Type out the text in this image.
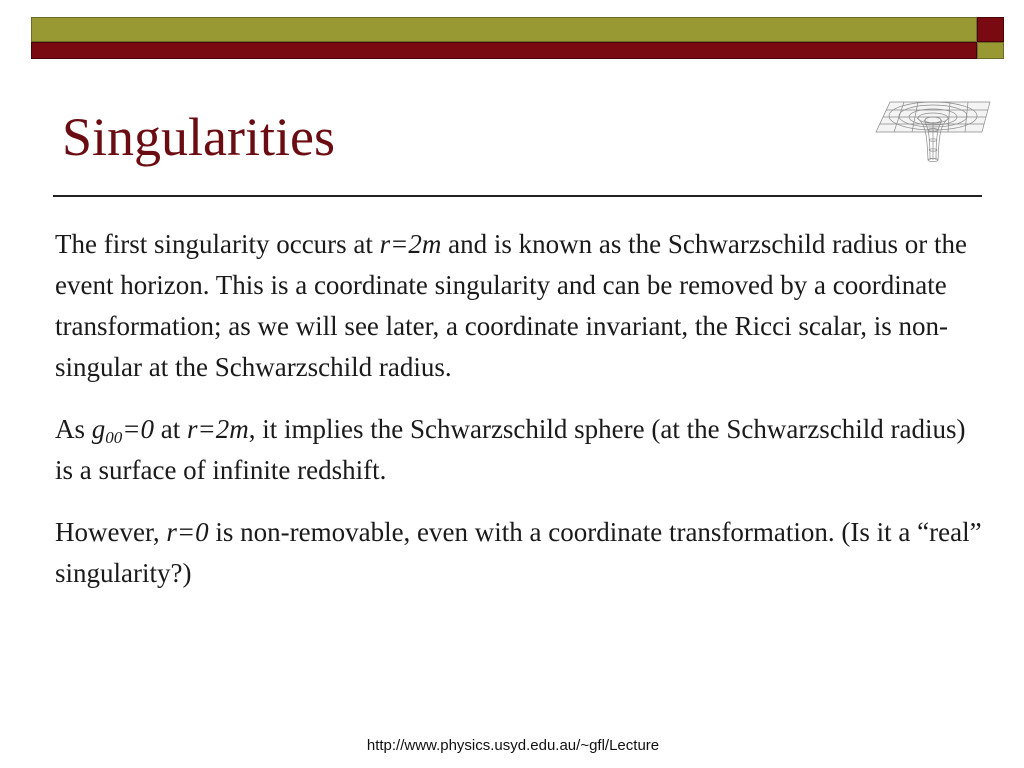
Singularities

The first singularity occurs at r=2m and is known as the Schwarzschild radius or the event horizon. This is a coordinate singularity and can be removed by a coordinate transformation; as we will see later, a coordinate invariant, the Ricci scalar, is non-singular at the Schwarzschild radius.

As $g_{00}=0$ at r=2m, it implies the Schwarzschild sphere (at the Schwarzschild radius) is a surface of infinite redshift.

However, r=0 is non-removable, even with a coordinate transformation. (Is it a “real” singularity?)

http://www.physics.usyd.edu.au/~gfl/Lecture
